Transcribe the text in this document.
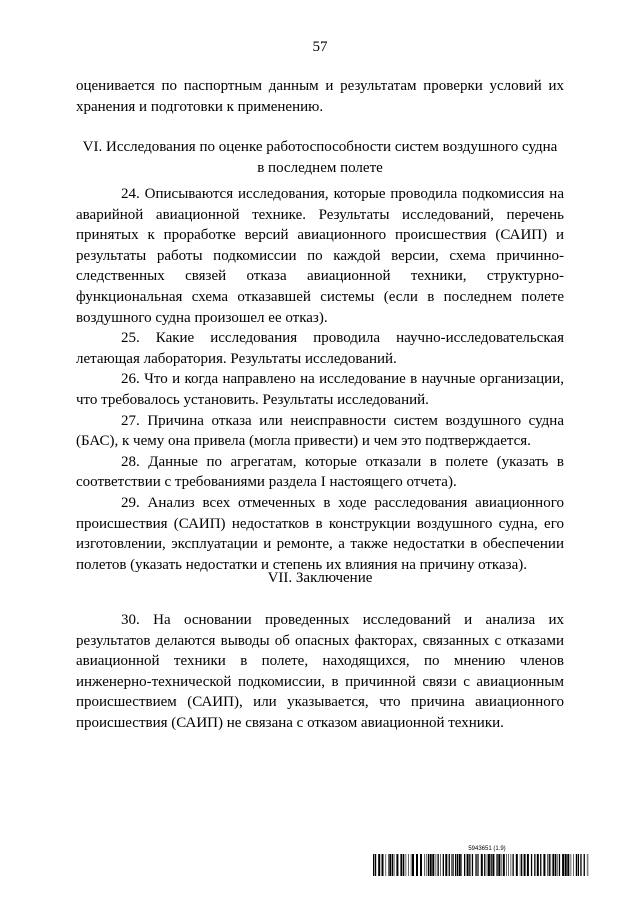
57

оценивается по паспортным данным и результатам проверки условий их хранения и подготовки к применению.

VI. Исследования по оценке работоспособности систем воздушного судна

в последнем полете

24. Описываются исследования, которые проводила подкомиссия на аварийной авиационной технике. Результаты исследований, перечень принятых к проработке версий авиационного происшествия (САИП) и результаты работы подкомиссии по каждой версии, схема причинно-следственных связей отказа авиационной техники, структурно-функциональная схема отказавшей системы (если в последнем полете воздушного судна произошел ее отказ).

25. Какие исследования проводила научно-исследовательская летающая лаборатория. Результаты исследований.

26. Что и когда направлено на исследование в научные организации, что требовалось установить. Результаты исследований.

27. Причина отказа или неисправности систем воздушного судна (БАС), к чему она привела (могла привести) и чем это подтверждается.

28. Данные по агрегатам, которые отказали в полете (указать в соответствии с требованиями раздела I настоящего отчета).

29. Анализ всех отмеченных в ходе расследования авиационного происшествия (САИП) недостатков в конструкции воздушного судна, его изготовлении, эксплуатации и ремонте, а также недостатки в обеспечении полетов (указать недостатки и степень их влияния на причину отказа).

VII. Заключение

30. На основании проведенных исследований и анализа их результатов делаются выводы об опасных факторах, связанных с отказами авиационной техники в полете, находящихся, по мнению членов инженерно-технической подкомиссии, в причинной связи с авиационным происшествием (САИП), или указывается, что причина авиационного происшествия (САИП) не связана с отказом авиационной техники.

5943651 (1.9)
